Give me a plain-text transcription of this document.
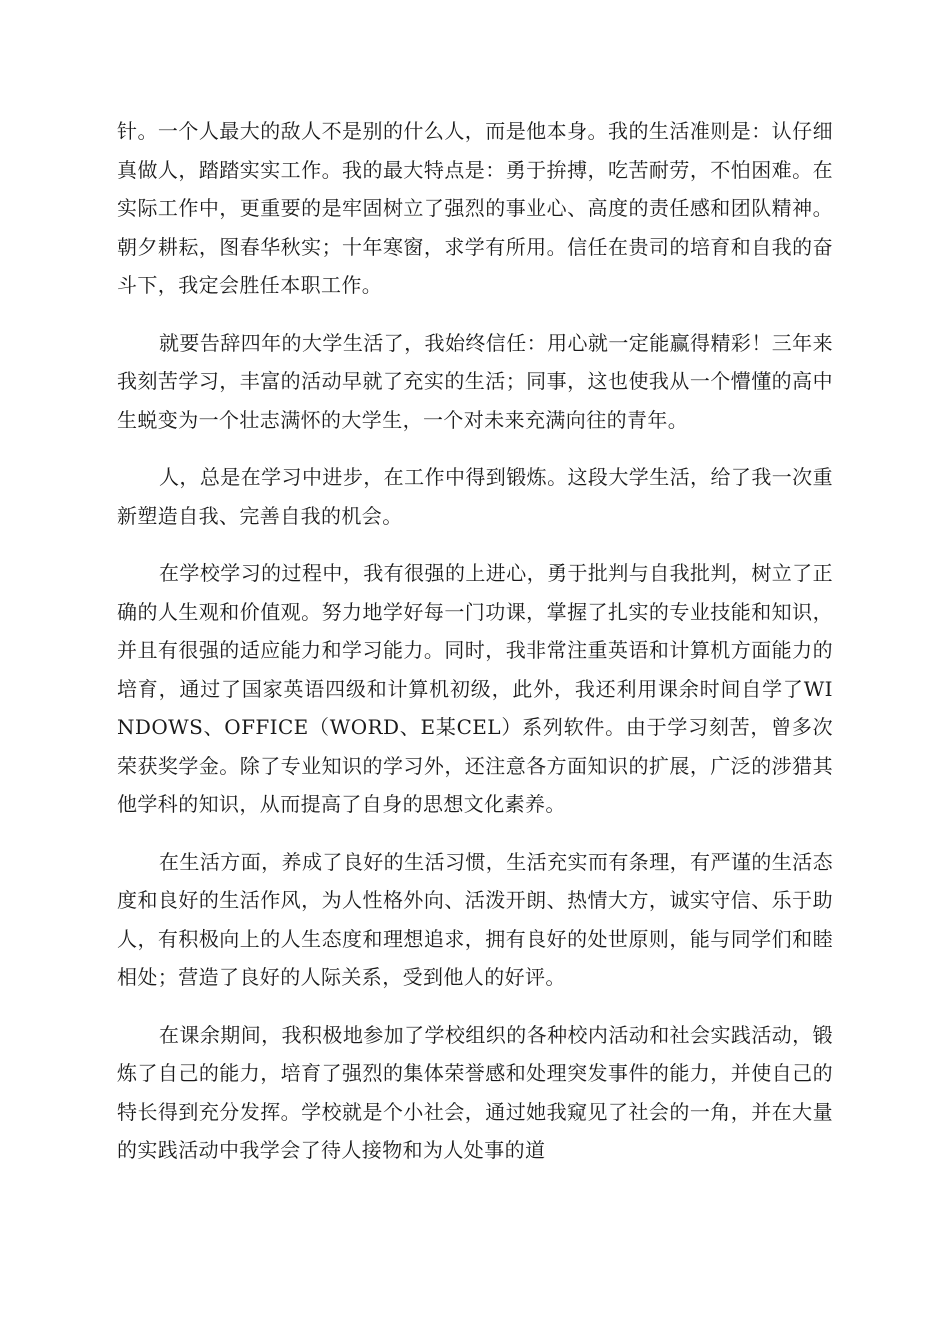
针。一个人最大的敌人不是别的什么人，而是他本身。我的生活准则是：认仔细真做人，踏踏实实工作。我的最大特点是：勇于拚搏，吃苦耐劳，不怕困难。在实际工作中，更重要的是牢固树立了强烈的事业心、高度的责任感和团队精神。朝夕耕耘，图春华秋实；十年寒窗，求学有所用。信任在贵司的培育和自我的奋斗下，我定会胜任本职工作。

就要告辞四年的大学生活了，我始终信任：用心就一定能赢得精彩！三年来我刻苦学习，丰富的活动早就了充实的生活；同事，这也使我从一个懵懂的高中生蜕变为一个壮志满怀的大学生，一个对未来充满向往的青年。

人，总是在学习中进步，在工作中得到锻炼。这段大学生活，给了我一次重新塑造自我、完善自我的机会。

在学校学习的过程中，我有很强的上进心，勇于批判与自我批判，树立了正确的人生观和价值观。努力地学好每一门功课，掌握了扎实的专业技能和知识，并且有很强的适应能力和学习能力。同时，我非常注重英语和计算机方面能力的培育，通过了国家英语四级和计算机初级，此外，我还利用课余时间自学了WINDOWS、OFFICE（WORD、E某CEL）系列软件。由于学习刻苦，曾多次荣获奖学金。除了专业知识的学习外，还注意各方面知识的扩展，广泛的涉猎其他学科的知识，从而提高了自身的思想文化素养。

在生活方面，养成了良好的生活习惯，生活充实而有条理，有严谨的生活态度和良好的生活作风，为人性格外向、活泼开朗、热情大方，诚实守信、乐于助人，有积极向上的人生态度和理想追求，拥有良好的处世原则，能与同学们和睦相处；营造了良好的人际关系，受到他人的好评。

在课余期间，我积极地参加了学校组织的各种校内活动和社会实践活动，锻炼了自己的能力，培育了强烈的集体荣誉感和处理突发事件的能力，并使自己的特长得到充分发挥。学校就是个小社会，通过她我窥见了社会的一角，并在大量的实践活动中我学会了待人接物和为人处事的道
